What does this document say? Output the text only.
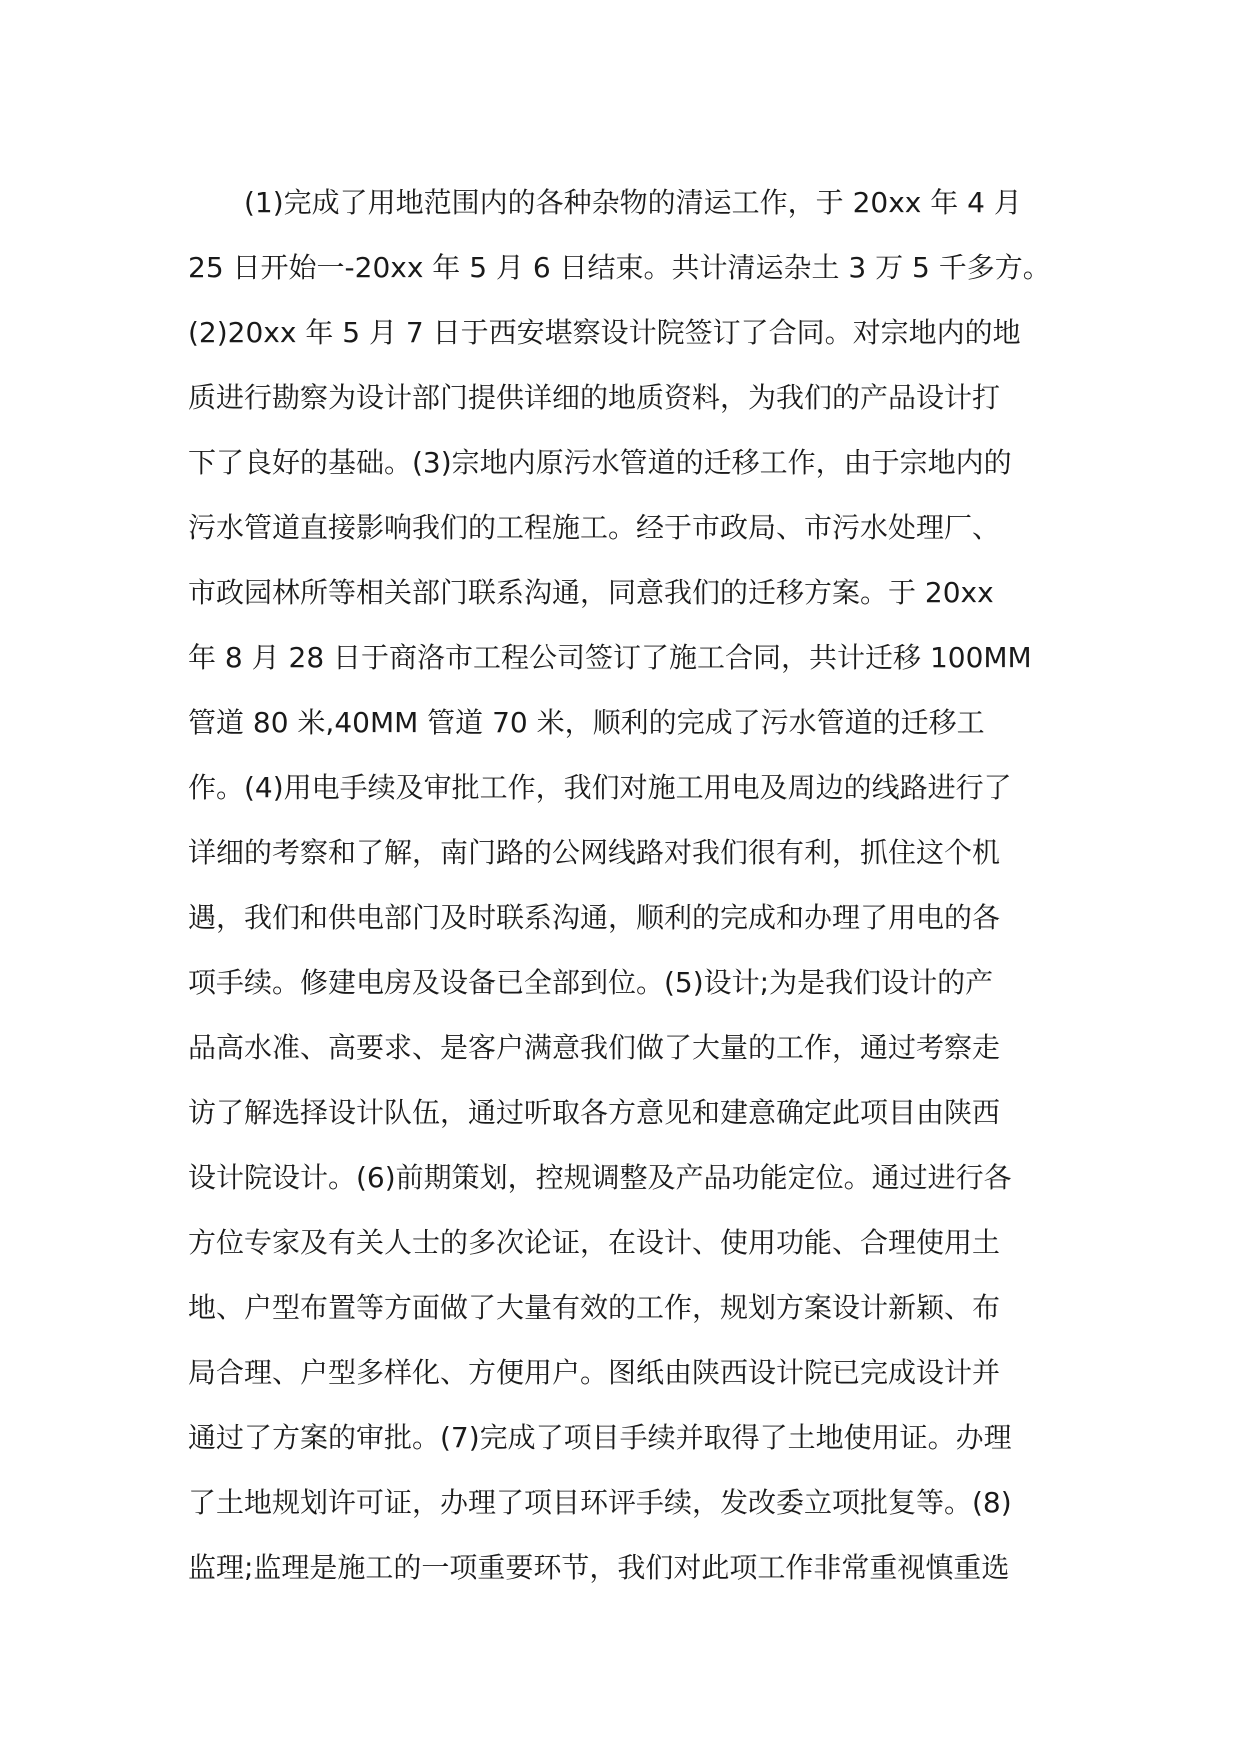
　　(1)完成了用地范围内的各种杂物的清运工作，于 20xx 年 4 月
25 日开始一-20xx 年 5 月 6 日结束。共计清运杂土 3 万 5 千多方。
(2)20xx 年 5 月 7 日于西安堪察设计院签订了合同。对宗地内的地
质进行勘察为设计部门提供详细的地质资料，为我们的产品设计打
下了良好的基础。(3)宗地内原污水管道的迁移工作，由于宗地内的
污水管道直接影响我们的工程施工。经于市政局、市污水处理厂、
市政园林所等相关部门联系沟通，同意我们的迁移方案。于 20xx
年 8 月 28 日于商洛市工程公司签订了施工合同，共计迁移 100MM
管道 80 米,40MM 管道 70 米，顺利的完成了污水管道的迁移工
作。(4)用电手续及审批工作，我们对施工用电及周边的线路进行了
详细的考察和了解，南门路的公网线路对我们很有利，抓住这个机
遇，我们和供电部门及时联系沟通，顺利的完成和办理了用电的各
项手续。修建电房及设备已全部到位。(5)设计;为是我们设计的产
品高水准、高要求、是客户满意我们做了大量的工作，通过考察走
访了解选择设计队伍，通过听取各方意见和建意确定此项目由陕西
设计院设计。(6)前期策划，控规调整及产品功能定位。通过进行各
方位专家及有关人士的多次论证，在设计、使用功能、合理使用土
地、户型布置等方面做了大量有效的工作，规划方案设计新颖、布
局合理、户型多样化、方便用户。图纸由陕西设计院已完成设计并
通过了方案的审批。(7)完成了项目手续并取得了土地使用证。办理
了土地规划许可证，办理了项目环评手续，发改委立项批复等。(8)
监理;监理是施工的一项重要环节，我们对此项工作非常重视慎重选
